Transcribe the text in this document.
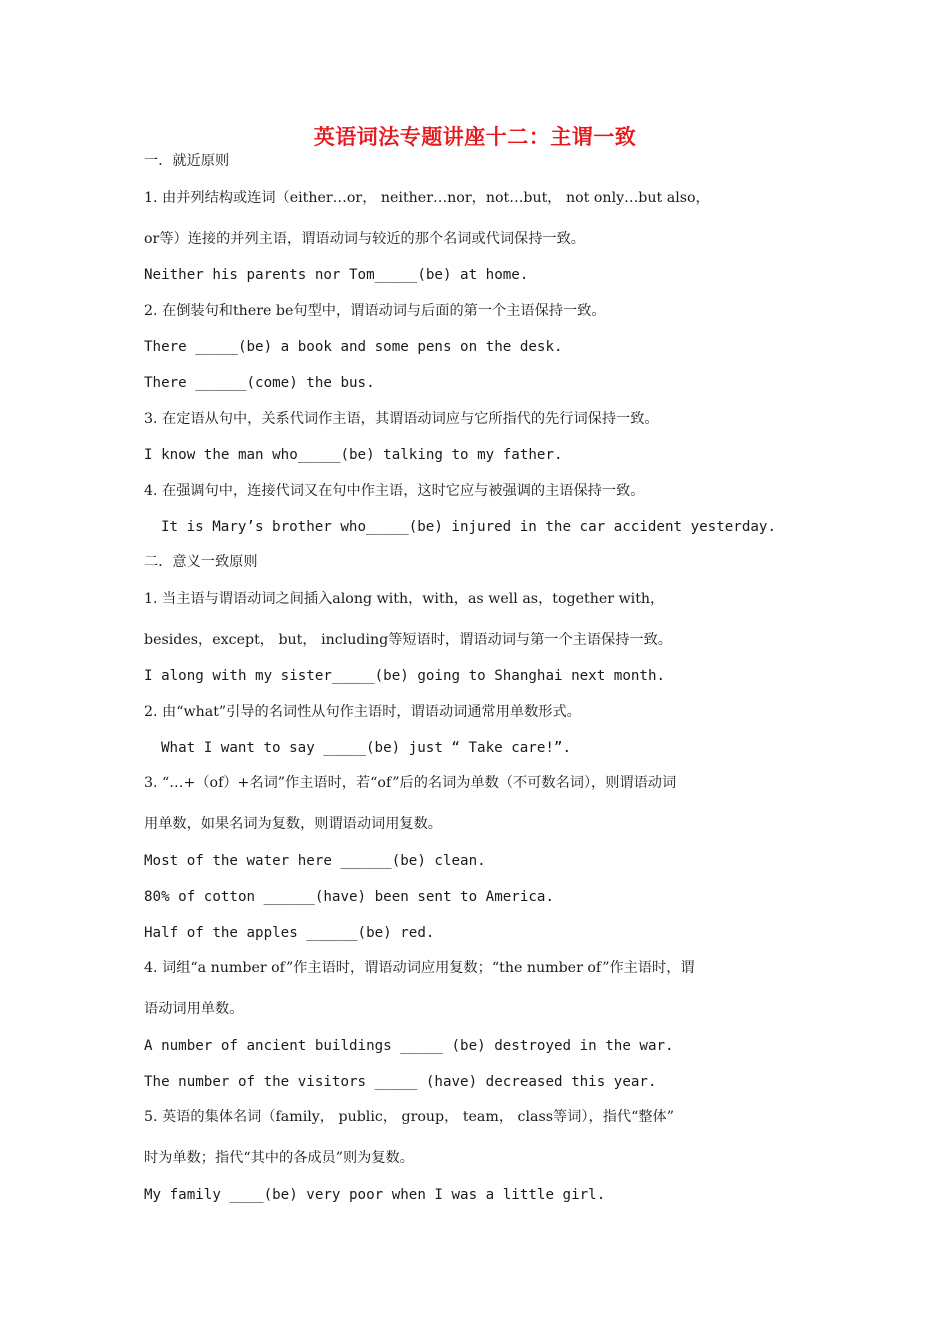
英语词法专题讲座十二：主谓一致
一．就近原则
1. 由并列结构或连词（either…or， neither…nor，not…but， not only…but also，
or等）连接的并列主语，谓语动词与较近的那个名词或代词保持一致。
Neither his parents nor Tom_____(be) at home.
2. 在倒装句和there be句型中，谓语动词与后面的第一个主语保持一致。
There _____(be) a book and some pens on the desk.
There ______(come) the bus.
3. 在定语从句中，关系代词作主语，其谓语动词应与它所指代的先行词保持一致。
I know the man who_____(be) talking to my father.
4. 在强调句中，连接代词又在句中作主语，这时它应与被强调的主语保持一致。
It is Mary’s brother who_____(be) injured in the car accident yesterday.
二．意义一致原则
1. 当主语与谓语动词之间插入along with，with，as well as，together with，
besides，except， but， including等短语时，谓语动词与第一个主语保持一致。
I along with my sister_____(be) going to Shanghai next month.
2. 由“what”引导的名词性从句作主语时，谓语动词通常用单数形式。
What I want to say _____(be) just “ Take care!”.
3. “…+（of）+名词”作主语时，若“of”后的名词为单数（不可数名词），则谓语动词
用单数，如果名词为复数，则谓语动词用复数。
Most of the water here ______(be) clean.
80% of cotton ______(have) been sent to America.
Half of the apples ______(be) red.
4. 词组“a number of”作主语时，谓语动词应用复数；“the number of”作主语时，谓
语动词用单数。
A number of ancient buildings _____ (be) destroyed in the war.
The number of the visitors _____ (have) decreased this year.
5. 英语的集体名词（family， public， group， team， class等词），指代“整体”
时为单数；指代“其中的各成员”则为复数。
My family ____(be) very poor when I was a little girl.
